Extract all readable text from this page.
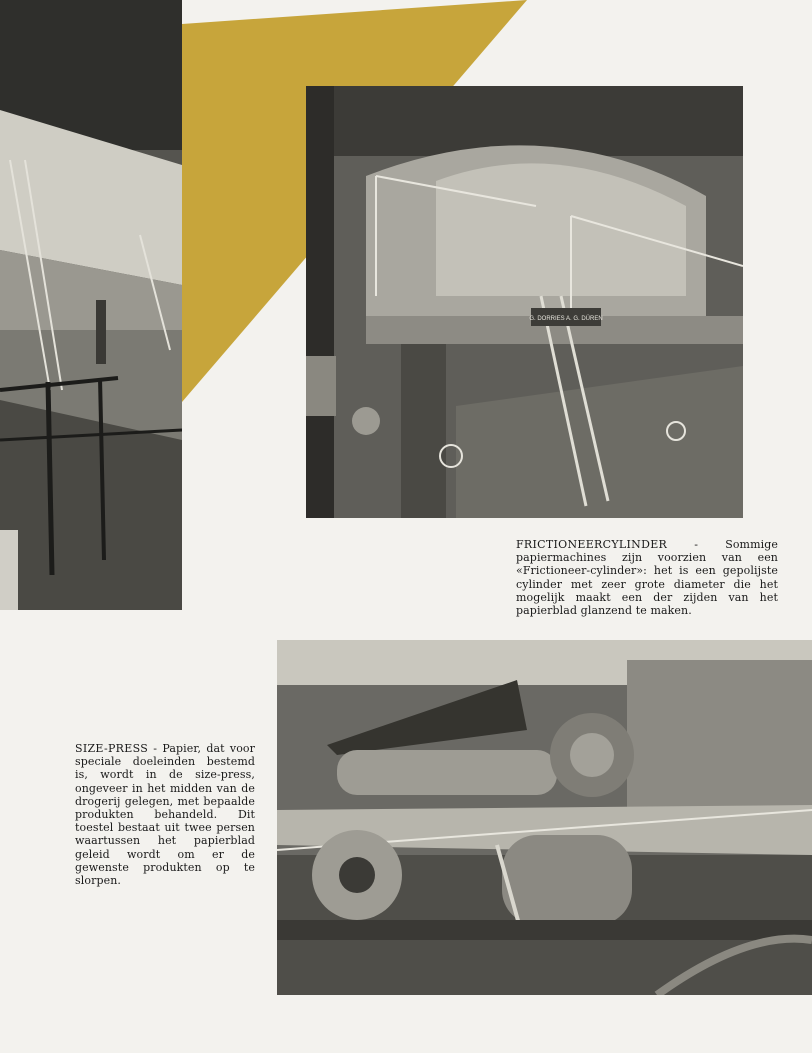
G. DORRIES A. G. DÜREN
FRICTIONEERCYLINDER - Sommige papiermachines zijn voorzien van een «Frictioneer-cylinder»: het is een gepolijste cylinder met zeer grote diameter die het mogelijk maakt een der zijden van het papierblad glanzend te maken.
SIZE-PRESS - Papier, dat voor speciale doeleinden bestemd is, wordt in de size-press, ongeveer in het midden van de drogerij gelegen, met bepaalde produkten behandeld. Dit toestel bestaat uit twee persen waartussen het papierblad geleid wordt om er de gewenste produkten op te slorpen.
